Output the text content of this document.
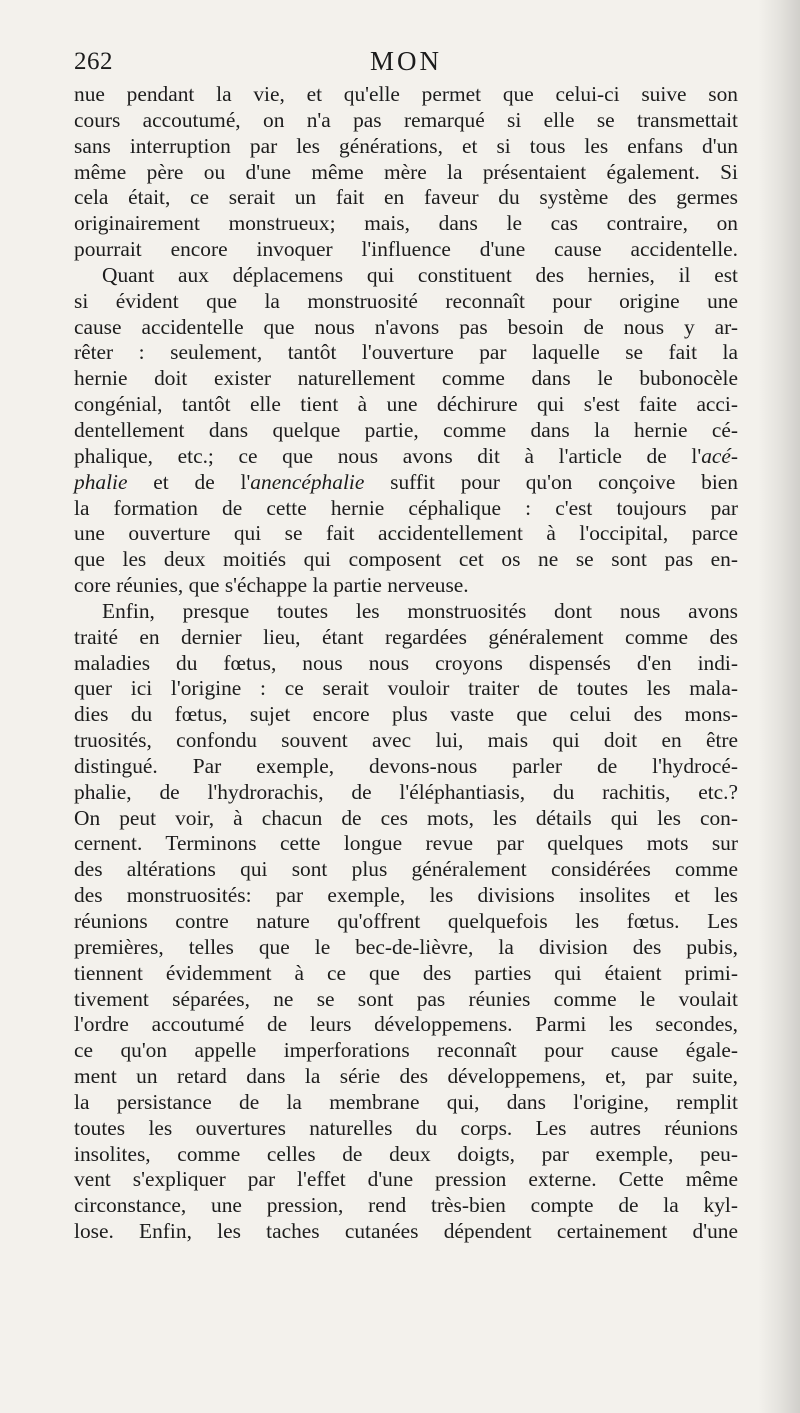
262	MON

nue pendant la vie, et qu'elle permet que celui-ci suive son
cours accoutumé, on n'a pas remarqué si elle se transmettait
sans interruption par les générations, et si tous les enfans d'un
même père ou d'une même mère la présentaient également. Si
cela était, ce serait un fait en faveur du système des germes
originairement monstrueux; mais, dans le cas contraire, on
pourrait encore invoquer l'influence d'une cause accidentelle.

Quant aux déplacemens qui constituent des hernies, il est
si évident que la monstruosité reconnaît pour origine une
cause accidentelle que nous n'avons pas besoin de nous y ar-
rêter : seulement, tantôt l'ouverture par laquelle se fait la
hernie doit exister naturellement comme dans le bubonocèle
congénial, tantôt elle tient à une déchirure qui s'est faite acci-
dentellement dans quelque partie, comme dans la hernie cé-
phalique, etc.; ce que nous avons dit à l'article de l'acé-
phalie et de l'anencéphalie suffit pour qu'on conçoive bien
la formation de cette hernie céphalique : c'est toujours par
une ouverture qui se fait accidentellement à l'occipital, parce
que les deux moitiés qui composent cet os ne se sont pas en-
core réunies, que s'échappe la partie nerveuse.

Enfin, presque toutes les monstruosités dont nous avons
traité en dernier lieu, étant regardées généralement comme des
maladies du fœtus, nous nous croyons dispensés d'en indi-
quer ici l'origine : ce serait vouloir traiter de toutes les mala-
dies du fœtus, sujet encore plus vaste que celui des mons-
truosités, confondu souvent avec lui, mais qui doit en être
distingué. Par exemple, devons-nous parler de l'hydrocé-
phalie, de l'hydrorachis, de l'éléphantiasis, du rachitis, etc.?
On peut voir, à chacun de ces mots, les détails qui les con-
cernent. Terminons cette longue revue par quelques mots sur
des altérations qui sont plus généralement considérées comme
des monstruosités: par exemple, les divisions insolites et les
réunions contre nature qu'offrent quelquefois les fœtus. Les
premières, telles que le bec-de-lièvre, la division des pubis,
tiennent évidemment à ce que des parties qui étaient primi-
tivement séparées, ne se sont pas réunies comme le voulait
l'ordre accoutumé de leurs développemens. Parmi les secondes,
ce qu'on appelle imperforations reconnaît pour cause égale-
ment un retard dans la série des développemens, et, par suite,
la persistance de la membrane qui, dans l'origine, remplit
toutes les ouvertures naturelles du corps. Les autres réunions
insolites, comme celles de deux doigts, par exemple, peu-
vent s'expliquer par l'effet d'une pression externe. Cette même
circonstance, une pression, rend très-bien compte de la kyl-
lose. Enfin, les taches cutanées dépendent certainement d'une
